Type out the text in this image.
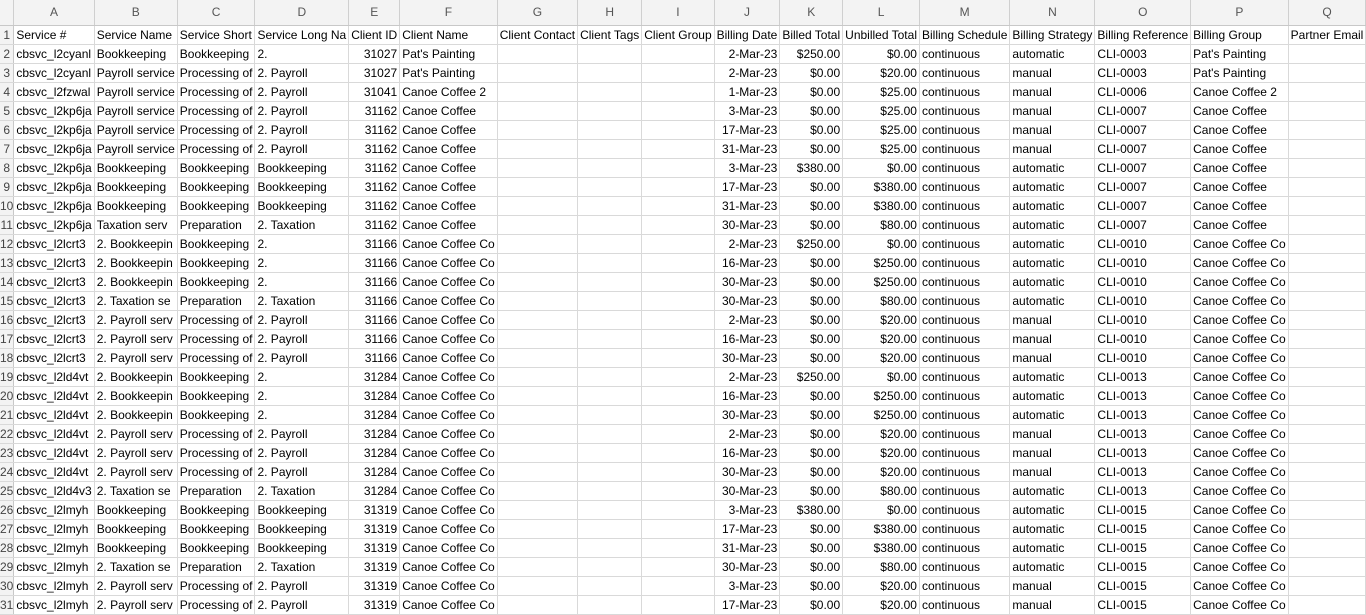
	A	B	C	D	E	F	G	H	I	J	K	L	M	N	O	P	Q
1	Service #	Service Name	Service Short	Service Long Na	Client ID	Client Name	Client Contact	Client Tags	Client Group	Billing Date	Billed Total	Unbilled Total	Billing Schedule	Billing Strategy	Billing Reference	Billing Group	Partner Email
2	cbsvc_l2cyanl	Bookkeeping	Bookkeeping	2.	31027	Pat's Painting				2-Mar-23	$250.00	$0.00	continuous	automatic	CLI-0003	Pat's Painting	
3	cbsvc_l2cyanl	Payroll service	Processing of	2. Payroll	31027	Pat's Painting				2-Mar-23	$0.00	$20.00	continuous	manual	CLI-0003	Pat's Painting	
4	cbsvc_l2fzwal	Payroll service	Processing of	2. Payroll	31041	Canoe Coffee 2				1-Mar-23	$0.00	$25.00	continuous	manual	CLI-0006	Canoe Coffee 2	
5	cbsvc_l2kp6ja	Payroll service	Processing of	2. Payroll	31162	Canoe Coffee				3-Mar-23	$0.00	$25.00	continuous	manual	CLI-0007	Canoe Coffee	
6	cbsvc_l2kp6ja	Payroll service	Processing of	2. Payroll	31162	Canoe Coffee				17-Mar-23	$0.00	$25.00	continuous	manual	CLI-0007	Canoe Coffee	
7	cbsvc_l2kp6ja	Payroll service	Processing of	2. Payroll	31162	Canoe Coffee				31-Mar-23	$0.00	$25.00	continuous	manual	CLI-0007	Canoe Coffee	
8	cbsvc_l2kp6ja	Bookkeeping	Bookkeeping	Bookkeeping	31162	Canoe Coffee				3-Mar-23	$380.00	$0.00	continuous	automatic	CLI-0007	Canoe Coffee	
9	cbsvc_l2kp6ja	Bookkeeping	Bookkeeping	Bookkeeping	31162	Canoe Coffee				17-Mar-23	$0.00	$380.00	continuous	automatic	CLI-0007	Canoe Coffee	
10	cbsvc_l2kp6ja	Bookkeeping	Bookkeeping	Bookkeeping	31162	Canoe Coffee				31-Mar-23	$0.00	$380.00	continuous	automatic	CLI-0007	Canoe Coffee	
11	cbsvc_l2kp6ja	Taxation serv	Preparation	2. Taxation	31162	Canoe Coffee				30-Mar-23	$0.00	$80.00	continuous	automatic	CLI-0007	Canoe Coffee	
12	cbsvc_l2lcrt3	2. Bookkeepin	Bookkeeping	2.	31166	Canoe Coffee Co				2-Mar-23	$250.00	$0.00	continuous	automatic	CLI-0010	Canoe Coffee Co	
13	cbsvc_l2lcrt3	2. Bookkeepin	Bookkeeping	2.	31166	Canoe Coffee Co				16-Mar-23	$0.00	$250.00	continuous	automatic	CLI-0010	Canoe Coffee Co	
14	cbsvc_l2lcrt3	2. Bookkeepin	Bookkeeping	2.	31166	Canoe Coffee Co				30-Mar-23	$0.00	$250.00	continuous	automatic	CLI-0010	Canoe Coffee Co	
15	cbsvc_l2lcrt3	2. Taxation se	Preparation	2. Taxation	31166	Canoe Coffee Co				30-Mar-23	$0.00	$80.00	continuous	automatic	CLI-0010	Canoe Coffee Co	
16	cbsvc_l2lcrt3	2. Payroll serv	Processing of	2. Payroll	31166	Canoe Coffee Co				2-Mar-23	$0.00	$20.00	continuous	manual	CLI-0010	Canoe Coffee Co	
17	cbsvc_l2lcrt3	2. Payroll serv	Processing of	2. Payroll	31166	Canoe Coffee Co				16-Mar-23	$0.00	$20.00	continuous	manual	CLI-0010	Canoe Coffee Co	
18	cbsvc_l2lcrt3	2. Payroll serv	Processing of	2. Payroll	31166	Canoe Coffee Co				30-Mar-23	$0.00	$20.00	continuous	manual	CLI-0010	Canoe Coffee Co	
19	cbsvc_l2ld4vt	2. Bookkeepin	Bookkeeping	2.	31284	Canoe Coffee Co				2-Mar-23	$250.00	$0.00	continuous	automatic	CLI-0013	Canoe Coffee Co	
20	cbsvc_l2ld4vt	2. Bookkeepin	Bookkeeping	2.	31284	Canoe Coffee Co				16-Mar-23	$0.00	$250.00	continuous	automatic	CLI-0013	Canoe Coffee Co	
21	cbsvc_l2ld4vt	2. Bookkeepin	Bookkeeping	2.	31284	Canoe Coffee Co				30-Mar-23	$0.00	$250.00	continuous	automatic	CLI-0013	Canoe Coffee Co	
22	cbsvc_l2ld4vt	2. Payroll serv	Processing of	2. Payroll	31284	Canoe Coffee Co				2-Mar-23	$0.00	$20.00	continuous	manual	CLI-0013	Canoe Coffee Co	
23	cbsvc_l2ld4vt	2. Payroll serv	Processing of	2. Payroll	31284	Canoe Coffee Co				16-Mar-23	$0.00	$20.00	continuous	manual	CLI-0013	Canoe Coffee Co	
24	cbsvc_l2ld4vt	2. Payroll serv	Processing of	2. Payroll	31284	Canoe Coffee Co				30-Mar-23	$0.00	$20.00	continuous	manual	CLI-0013	Canoe Coffee Co	
25	cbsvc_l2ld4v3	2. Taxation se	Preparation	2. Taxation	31284	Canoe Coffee Co				30-Mar-23	$0.00	$80.00	continuous	automatic	CLI-0013	Canoe Coffee Co	
26	cbsvc_l2lmyh	Bookkeeping	Bookkeeping	Bookkeeping	31319	Canoe Coffee Co				3-Mar-23	$380.00	$0.00	continuous	automatic	CLI-0015	Canoe Coffee Co	
27	cbsvc_l2lmyh	Bookkeeping	Bookkeeping	Bookkeeping	31319	Canoe Coffee Co				17-Mar-23	$0.00	$380.00	continuous	automatic	CLI-0015	Canoe Coffee Co	
28	cbsvc_l2lmyh	Bookkeeping	Bookkeeping	Bookkeeping	31319	Canoe Coffee Co				31-Mar-23	$0.00	$380.00	continuous	automatic	CLI-0015	Canoe Coffee Co	
29	cbsvc_l2lmyh	2. Taxation se	Preparation	2. Taxation	31319	Canoe Coffee Co				30-Mar-23	$0.00	$80.00	continuous	automatic	CLI-0015	Canoe Coffee Co	
30	cbsvc_l2lmyh	2. Payroll serv	Processing of	2. Payroll	31319	Canoe Coffee Co				3-Mar-23	$0.00	$20.00	continuous	manual	CLI-0015	Canoe Coffee Co	
31	cbsvc_l2lmyh	2. Payroll serv	Processing of	2. Payroll	31319	Canoe Coffee Co				17-Mar-23	$0.00	$20.00	continuous	manual	CLI-0015	Canoe Coffee Co	
